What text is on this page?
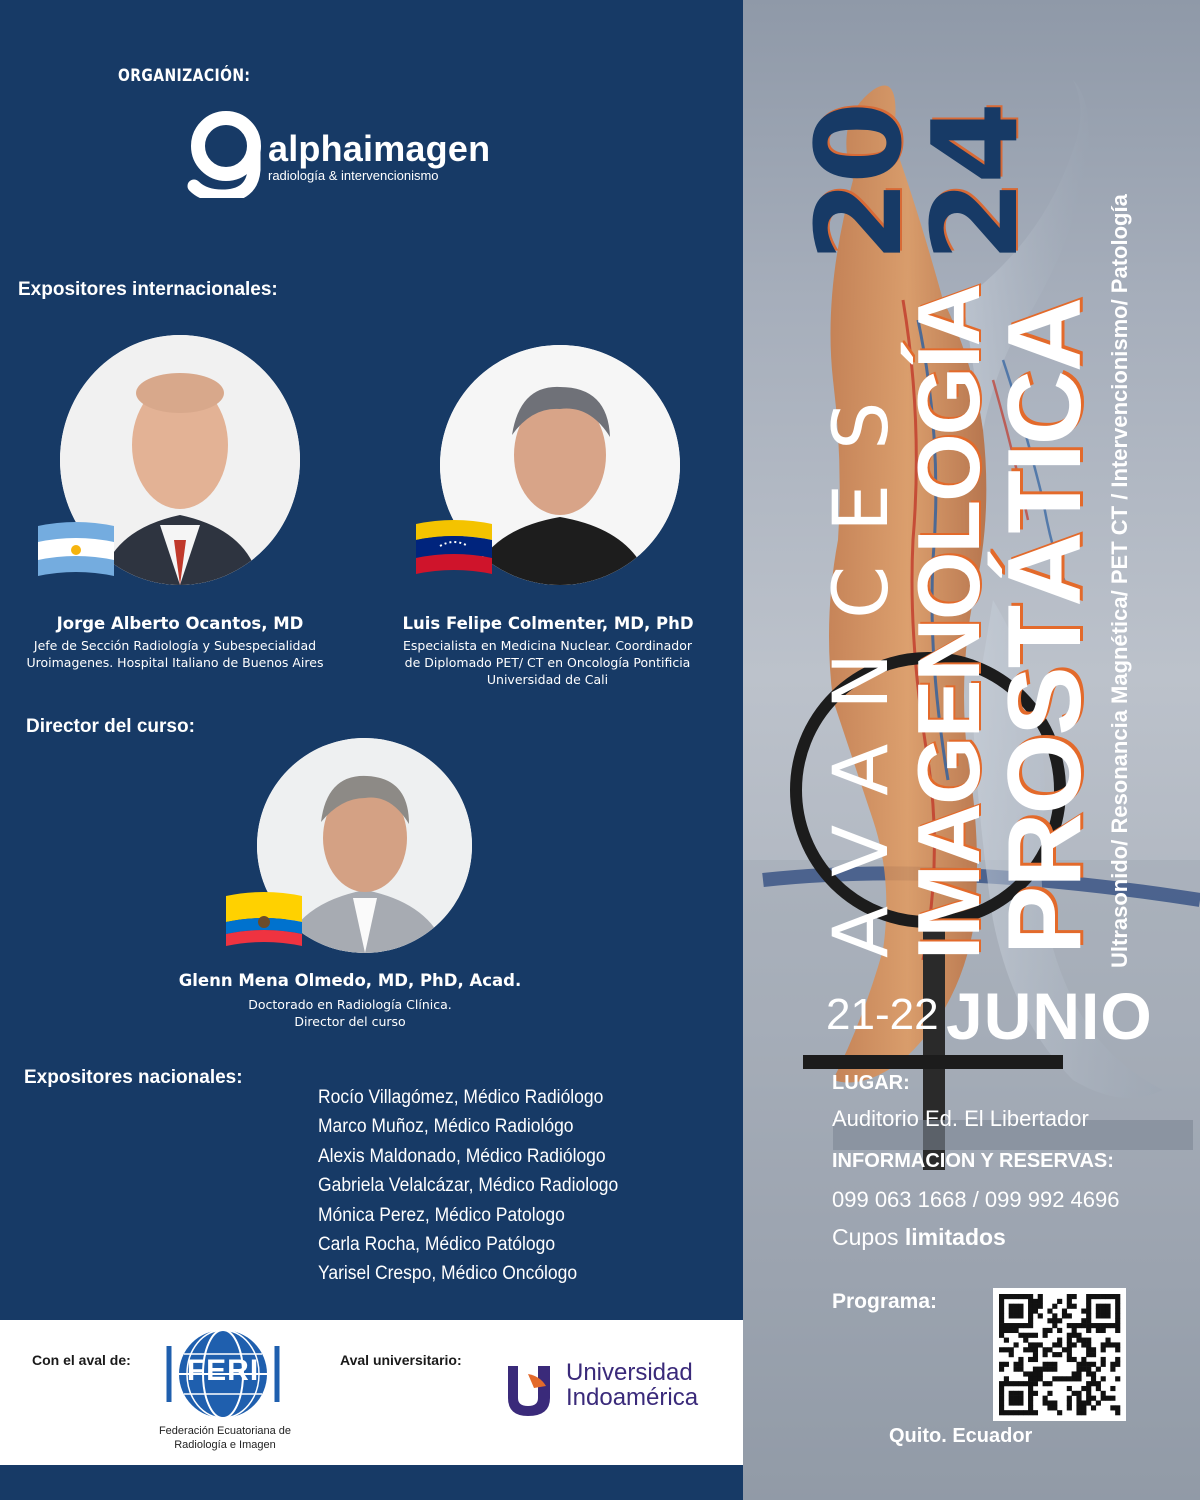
ORGANIZACIÓN:
alphaimagen
radiología & intervencionismo
Expositores internacionales:
Jorge Alberto Ocantos, MD
Jefe de Sección Radiología y Subespecialidad
Uroimagenes. Hospital Italiano de Buenos Aires
Luis Felipe Colmenter, MD, PhD
Especialista en Medicina Nuclear. Coordinador
de Diplomado PET/ CT en Oncología Pontificia
Universidad de Cali
Director del curso:
Glenn Mena Olmedo, MD, PhD, Acad.
Doctorado en Radiología Clínica.
Director del curso
Expositores nacionales:
Rocío Villagómez, Médico Radiólogo
Marco Muñoz, Médico Radiológo
Alexis Maldonado, Médico Radiólogo
Gabriela Velalcázar, Médico Radiologo
Mónica Perez, Médico Patologo
Carla Rocha, Médico Patólogo
Yarisel Crespo, Médico Oncólogo
Con el aval de:	FERI
Federación Ecuatoriana de
Radiología e Imagen
Aval universitario:	Universidad
Indoamérica
20
24
AVANCES
IMAGENOLOGÍA
PROSTÁTICA Ultrasonido/ Resonancia Magnética/ PET CT / Intervencionismo/ Patología
21-22 JUNIO
LUGAR:
Auditorio Ed. El Libertador
INFORMACION Y RESERVAS:
099 063 1668 / 099 992 4696
Cupos limitados
Programa:
Quito. Ecuador
